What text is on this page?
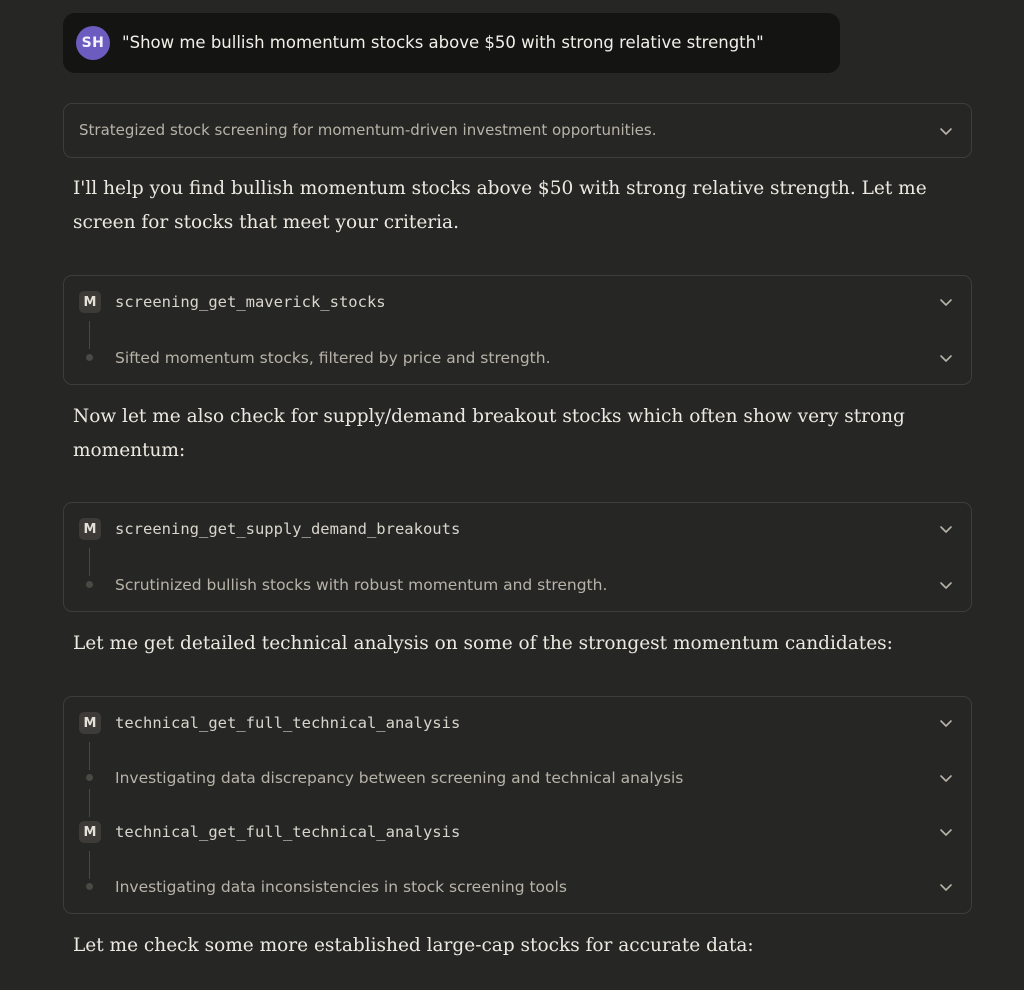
SH	"Show me bullish momentum stocks above $50 with strong relative strength"
Strategized stock screening for momentum-driven investment opportunities.
I'll help you find bullish momentum stocks above $50 with strong relative strength. Let me screen for stocks that meet your criteria.
M screening_get_maverick_stocks
Sifted momentum stocks, filtered by price and strength.
Now let me also check for supply/demand breakout stocks which often show very strong momentum:
M screening_get_supply_demand_breakouts
Scrutinized bullish stocks with robust momentum and strength.
Let me get detailed technical analysis on some of the strongest momentum candidates:
M technical_get_full_technical_analysis
Investigating data discrepancy between screening and technical analysis
M technical_get_full_technical_analysis
Investigating data inconsistencies in stock screening tools
Let me check some more established large-cap stocks for accurate data:
